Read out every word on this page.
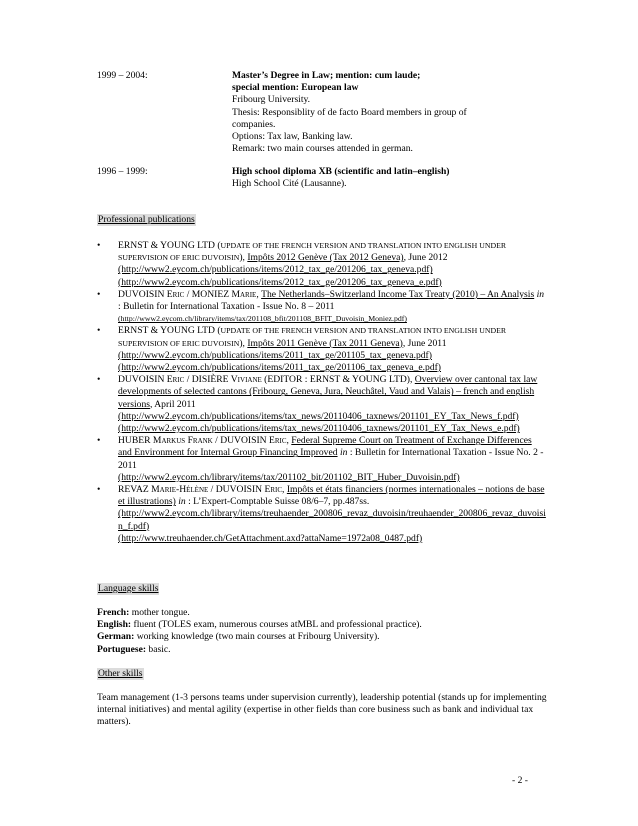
1999 – 2004:	Master’s Degree in Law; mention: cum laude;
special mention: European law
Fribourg University.
Thesis: Responsiblity of de facto Board members in group of
companies.
Options: Tax law, Banking law.
Remark: two main courses attended in german.
1996 – 1999:	High school diploma XB (scientific and latin–english)
High School Cité (Lausanne).
Professional publications
• ERNST & YOUNG LTD (UPDATE OF THE FRENCH VERSION AND TRANSLATION INTO ENGLISH UNDER SUPERVISION OF ERIC DUVOISIN), Impôts 2012 Genève (Tax 2012 Geneva), June 2012
(http://www2.eycom.ch/publications/items/2012_tax_ge/201206_tax_geneva.pdf)
(http://www2.eycom.ch/publications/items/2012_tax_ge/201206_tax_geneva_e.pdf)
• DUVOISIN Eric / MONIEZ Marie, The Netherlands–Switzerland Income Tax Treaty (2010) – An Analysis in : Bulletin for International Taxation - Issue No. 8 – 2011
(http://www2.eycom.ch/library/items/tax/201108_bfit/201108_BFIT_Duvoisin_Moniez.pdf)
• ERNST & YOUNG LTD (UPDATE OF THE FRENCH VERSION AND TRANSLATION INTO ENGLISH UNDER SUPERVISION OF ERIC DUVOISIN), Impôts 2011 Genève (Tax 2011 Geneva), June 2011
(http://www2.eycom.ch/publications/items/2011_tax_ge/201105_tax_geneva.pdf)
(http://www2.eycom.ch/publications/items/2011_tax_ge/201106_tax_geneva_e.pdf)
• DUVOISIN Eric / DISIÈRE Viviane (EDITOR : ERNST & YOUNG LTD), Overview over cantonal tax law developments of selected cantons (Fribourg, Geneva, Jura, Neuchâtel, Vaud and Valais) – french and english versions, April 2011
(http://www2.eycom.ch/publications/items/tax_news/20110406_taxnews/201101_EY_Tax_News_f.pdf)
(http://www2.eycom.ch/publications/items/tax_news/20110406_taxnews/201101_EY_Tax_News_e.pdf)
• HUBER Markus Frank / DUVOISIN Eric, Federal Supreme Court on Treatment of Exchange Differences and Environment for Internal Group Financing Improved in : Bulletin for International Taxation - Issue No. 2 - 2011
(http://www2.eycom.ch/library/items/tax/201102_bit/201102_BIT_Huber_Duvoisin.pdf)
• REVAZ Marie-Hélène / DUVOISIN Eric, Impôts et états financiers (normes internationales – notions de base et illustrations) in : L’Expert-Comptable Suisse 08/6–7, pp.487ss.
(http://www2.eycom.ch/library/items/treuhaender_200806_revaz_duvoisin/treuhaender_200806_revaz_duvoisin_f.pdf)
(http://www.treuhaender.ch/GetAttachment.axd?attaName=1972a08_0487.pdf)
Language skills
French: mother tongue.
English: fluent (TOLES exam, numerous courses atMBL and professional practice).
German: working knowledge (two main courses at Fribourg University).
Portuguese: basic.
Other skills
Team management (1-3 persons teams under supervision currently), leadership potential (stands up for implementing internal initiatives) and mental agility (expertise in other fields than core business such as bank and individual tax matters).
- 2 -
